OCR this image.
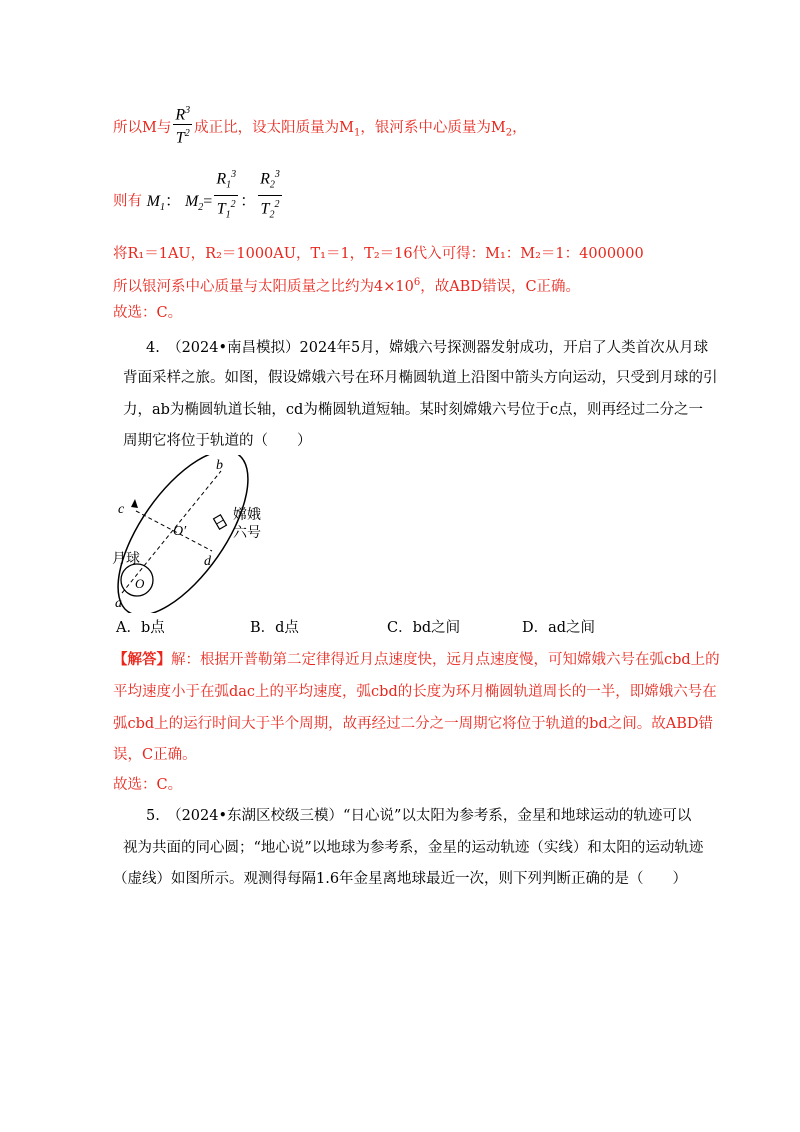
所以M与 $\frac{R^3}{T^2}$ 成正比，设太阳质量为$M_1$，银河系中心质量为$M_2$，
则有 $M_1$： $M_2= \frac{R_1^3}{T_1^2}$ ： $\frac{R_2^3}{T_2^2}$
将R₁＝1AU，R₂＝1000AU，T₁＝1，T₂＝16代入可得：M₁：M₂＝1：4000000
所以银河系中心质量与太阳质量之比约为$4\times 10^6$，故ABD错误，C正确。
故选：C。
4.　（2024•南昌模拟）2024年5月，嫦娥六号探测器发射成功，开启了人类首次从月球
背面采样之旅。如图，假设嫦娥六号在环月椭圆轨道上沿图中箭头方向运动，只受到月球的引
力，ab为椭圆轨道长轴，cd为椭圆轨道短轴。某时刻嫦娥六号位于c点，则再经过二分之一
周期它将位于轨道的（　　）
b
c
O′
d
月球
O
a
嫦娥
六号
A．b点	B．d点	C．bd之间	D．ad之间
【解答】解：根据开普勒第二定律得近月点速度快，远月点速度慢，可知嫦娥六号在弧cbd上的
平均速度小于在弧dac上的平均速度，弧cbd的长度为环月椭圆轨道周长的一半，即嫦娥六号在
弧cbd上的运行时间大于半个周期，故再经过二分之一周期它将位于轨道的bd之间。故ABD错
误，C正确。
故选：C。
5.　（2024•东湖区校级三模）“日心说”以太阳为参考系，金星和地球运动的轨迹可以
视为共面的同心圆；“地心说”以地球为参考系，金星的运动轨迹（实线）和太阳的运动轨迹
（虚线）如图所示。观测得每隔1.6年金星离地球最近一次，则下列判断正确的是（　　）
